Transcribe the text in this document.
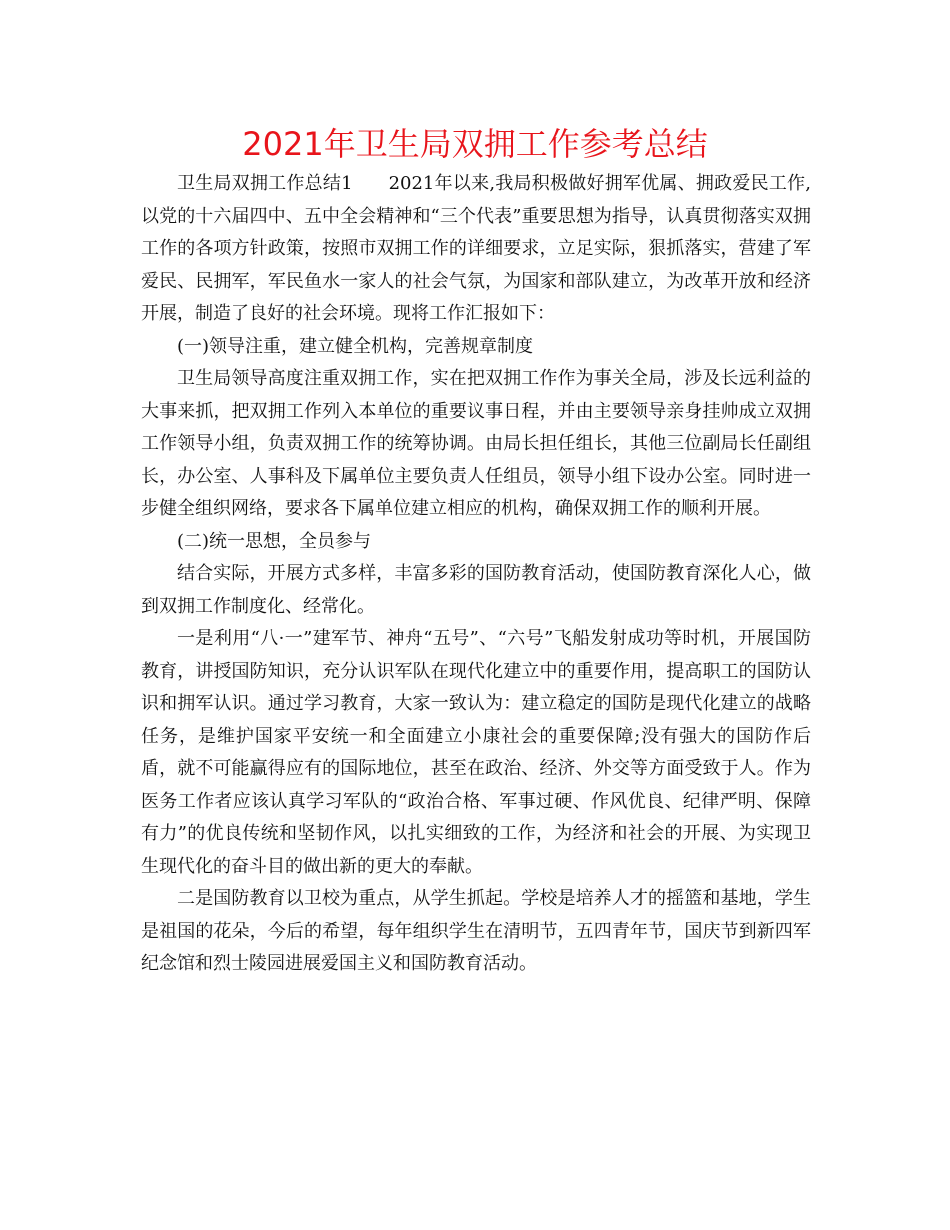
2021年卫生局双拥工作参考总结

卫生局双拥工作总结1 2021年以来,我局积极做好拥军优属、拥政爱民工作,以党的十六届四中、五中全会精神和“三个代表”重要思想为指导，认真贯彻落实双拥工作的各项方针政策，按照市双拥工作的详细要求，立足实际，狠抓落实，营建了军爱民、民拥军，军民鱼水一家人的社会气氛，为国家和部队建立，为改革开放和经济开展，制造了良好的社会环境。现将工作汇报如下：

(一)领导注重，建立健全机构，完善规章制度

卫生局领导高度注重双拥工作，实在把双拥工作作为事关全局，涉及长远利益的大事来抓，把双拥工作列入本单位的重要议事日程，并由主要领导亲身挂帅成立双拥工作领导小组，负责双拥工作的统筹协调。由局长担任组长，其他三位副局长任副组长，办公室、人事科及下属单位主要负责人任组员，领导小组下设办公室。同时进一步健全组织网络，要求各下属单位建立相应的机构，确保双拥工作的顺利开展。

(二)统一思想，全员参与

结合实际，开展方式多样，丰富多彩的国防教育活动，使国防教育深化人心，做到双拥工作制度化、经常化。

一是利用“八·一”建军节、神舟“五号”、“六号”飞船发射成功等时机，开展国防教育，讲授国防知识，充分认识军队在现代化建立中的重要作用，提高职工的国防认识和拥军认识。通过学习教育，大家一致认为：建立稳定的国防是现代化建立的战略任务，是维护国家平安统一和全面建立小康社会的重要保障;没有强大的国防作后盾，就不可能赢得应有的国际地位，甚至在政治、经济、外交等方面受致于人。作为医务工作者应该认真学习军队的“政治合格、军事过硬、作风优良、纪律严明、保障有力”的优良传统和坚韧作风，以扎实细致的工作，为经济和社会的开展、为实现卫生现代化的奋斗目的做出新的更大的奉献。

二是国防教育以卫校为重点，从学生抓起。学校是培养人才的摇篮和基地，学生是祖国的花朵，今后的希望，每年组织学生在清明节，五四青年节，国庆节到新四军纪念馆和烈士陵园进展爱国主义和国防教育活动。
